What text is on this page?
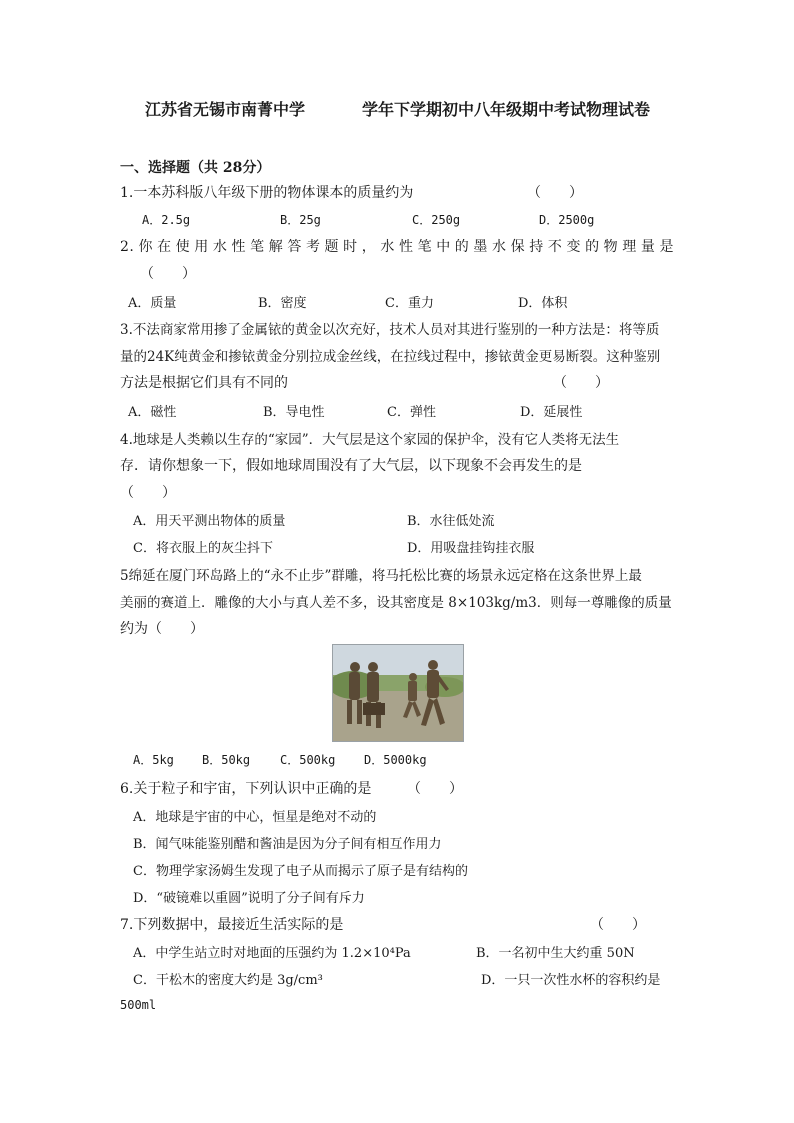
江苏省无锡市南菁中学	学年下学期初中八年级期中考试物理试卷
一、选择题（共 28分）
1.一本苏科版八年级下册的物体课本的质量约为	（　　）
A．2.5g	B．25g	C．250g	D．2500g
2.你在使用水性笔解答考题时，水性笔中的墨水保持不变的物理量是
（　　）
A．质量	B．密度	C．重力	D．体积
3.不法商家常用掺了金属铱的黄金以次充好，技术人员对其进行鉴别的一种方法是：将等质
量的24K纯黄金和掺铱黄金分别拉成金丝线，在拉线过程中，掺铱黄金更易断裂。这种鉴别
方法是根据它们具有不同的	（　　）
A．磁性	B．导电性	C．弹性	D．延展性
4.地球是人类赖以生存的“家园”．大气层是这个家园的保护伞，没有它人类将无法生
存．请你想象一下，假如地球周围没有了大气层，以下现象不会再发生的是
（　　）
A．用天平测出物体的质量	B．水往低处流
C．将衣服上的灰尘抖下	D．用吸盘挂钩挂衣服
5绵延在厦门环岛路上的“永不止步”群雕，将马托松比赛的场景永远定格在这条世界上最
美丽的赛道上．雕像的大小与真人差不多，设其密度是 8×103kg/m3．则每一尊雕像的质量
约为（　　）
A．5kg B．50kg C．500kg D．5000kg
6.关于粒子和宇宙，下列认识中正确的是	（　　）
A．地球是宇宙的中心，恒星是绝对不动的
B．闻气味能鉴别醋和酱油是因为分子间有相互作用力
C．物理学家汤姆生发现了电子从而揭示了原子是有结构的
D．“破镜难以重圆”说明了分子间有斥力
7.下列数据中，最接近生活实际的是	（　　）
A．中学生站立时对地面的压强约为 1.2×10⁴Pa	B．一名初中生大约重 50N
C．干松木的密度大约是 3g/cm³	D．一只一次性水杯的容积约是
500ml
